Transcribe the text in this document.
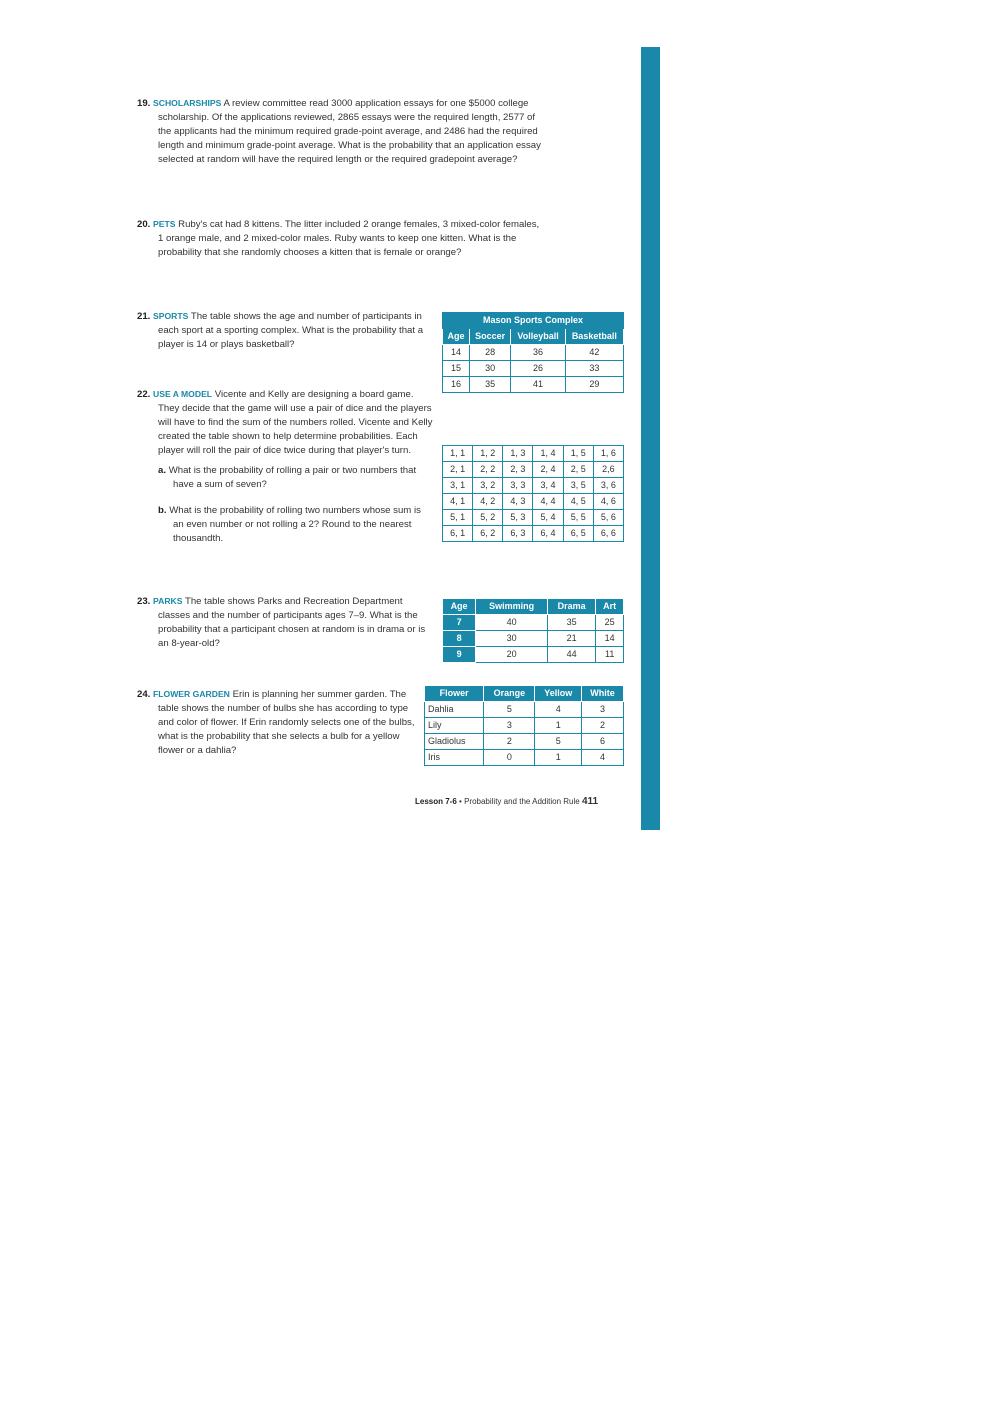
19. SCHOLARSHIPS A review committee read 3000 application essays for one $5000 college scholarship. Of the applications reviewed, 2865 essays were the required length, 2577 of the applicants had the minimum required grade-point average, and 2486 had the required length and minimum grade-point average. What is the probability that an application essay selected at random will have the required length or the required gradepoint average?
20. PETS Ruby's cat had 8 kittens. The litter included 2 orange females, 3 mixed-color females, 1 orange male, and 2 mixed-color males. Ruby wants to keep one kitten. What is the probability that she randomly chooses a kitten that is female or orange?
21. SPORTS The table shows the age and number of participants in each sport at a sporting complex. What is the probability that a player is 14 or plays basketball?
Mason Sports Complex			
Age	Soccer	Volleyball	Basketball
14	28	36	42
15	30	26	33
16	35	41	29
22. USE A MODEL Vicente and Kelly are designing a board game. They decide that the game will use a pair of dice and the players will have to find the sum of the numbers rolled. Vicente and Kelly created the table shown to help determine probabilities. Each player will roll the pair of dice twice during that player's turn.
a. What is the probability of rolling a pair or two numbers that have a sum of seven?
b. What is the probability of rolling two numbers whose sum is an even number or not rolling a 2? Round to the nearest thousandth.
1, 1	1, 2	1, 3	1, 4	1, 5	1, 6
2, 1	2, 2	2, 3	2, 4	2, 5	2,6
3, 1	3, 2	3, 3	3, 4	3, 5	3, 6
4, 1	4, 2	4, 3	4, 4	4, 5	4, 6
5, 1	5, 2	5, 3	5, 4	5, 5	5, 6
6, 1	6, 2	6, 3	6, 4	6, 5	6, 6
23. PARKS The table shows Parks and Recreation Department classes and the number of participants ages 7–9. What is the probability that a participant chosen at random is in drama or is an 8-year-old?
Age	Swimming	Drama	Art
7	40	35	25
8	30	21	14
9	20	44	11
24. FLOWER GARDEN Erin is planning her summer garden. The table shows the number of bulbs she has according to type and color of flower. If Erin randomly selects one of the bulbs, what is the probability that she selects a bulb for a yellow flower or a dahlia?
Flower	Orange	Yellow	White
Dahlia	5	4	3
Lily	3	1	2
Gladiolus	2	5	6
Iris	0	1	4
Lesson 7-6 • Probability and the Addition Rule 411
